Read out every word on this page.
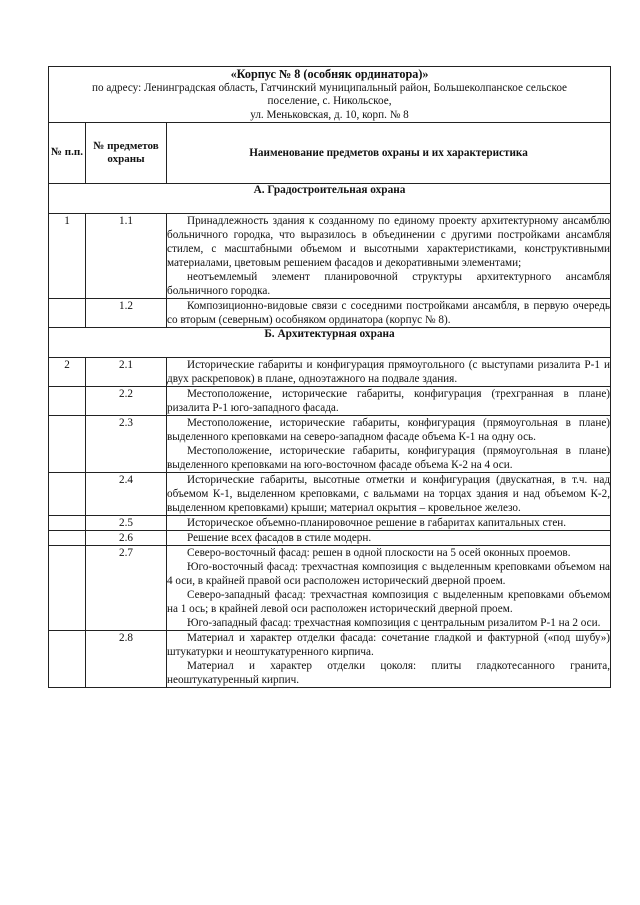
«Корпус № 8 (особняк ординатора)»
по адресу: Ленинградская область, Гатчинский муниципальный район, Большеколпанское сельское
поселение, с. Никольское,
ул. Меньковская, д. 10, корп. № 8		

№ п.п.	№ предметов охраны	Наименование предметов охраны и их характеристика
А. Градостроительная охрана		
1	1.1	Принадлежность здания к созданному по единому проекту архитектурному ансамблю больничного городка, что выразилось в объединении с другими постройками ансамбля стилем, с масштабными объемом и высотными характеристиками, конструктивными материалами, цветовым решением фасадов и декоративными элементами;

неотъемлемый элемент планировочной структуры архитектурного ансамбля больничного городка.

	1.2	Композиционно-видовые связи с соседними постройками ансамбля, в первую очередь со вторым (северным) особняком ординатора (корпус № 8).

Б. Архитектурная охрана		
2	2.1	Исторические габариты и конфигурация прямоугольного (с выступами ризалита Р-1 и двух раскреповок) в плане, одноэтажного на подвале здания.

	2.2	Местоположение, исторические габариты, конфигурация (трехгранная в плане) ризалита Р-1 юго-западного фасада.

	2.3	Местоположение, исторические габариты, конфигурация (прямоугольная в плане) выделенного креповками на северо-западном фасаде объема К-1 на одну ось.

Местоположение, исторические габариты, конфигурация (прямоугольная в плане) выделенного креповками на юго-восточном фасаде объема К-2 на 4 оси.

	2.4	Исторические габариты, высотные отметки и конфигурация (двускатная, в т.ч. над объемом К-1, выделенном креповками, с вальмами на торцах здания и над объемом К-2, выделенном креповками) крыши; материал окрытия – кровельное железо.

	2.5	Историческое объемно-планировочное решение в габаритах капитальных стен.

	2.6	Решение всех фасадов в стиле модерн.

	2.7	Северо-восточный фасад: решен в одной плоскости на 5 осей оконных проемов.

Юго-восточный фасад: трехчастная композиция с выделенным креповками объемом на 4 оси, в крайней правой оси расположен исторический дверной проем.

Северо-западный фасад: трехчастная композиция с выделенным креповками объемом на 1 ось; в крайней левой оси расположен исторический дверной проем.

Юго-западный фасад: трехчастная композиция с центральным ризалитом Р-1 на 2 оси.

	2.8	Материал и характер отделки фасада: сочетание гладкой и фактурной («под шубу») штукатурки и неоштукатуренного кирпича.

Материал и характер отделки цоколя: плиты гладкотесанного гранита, неоштукатуренный кирпич.
